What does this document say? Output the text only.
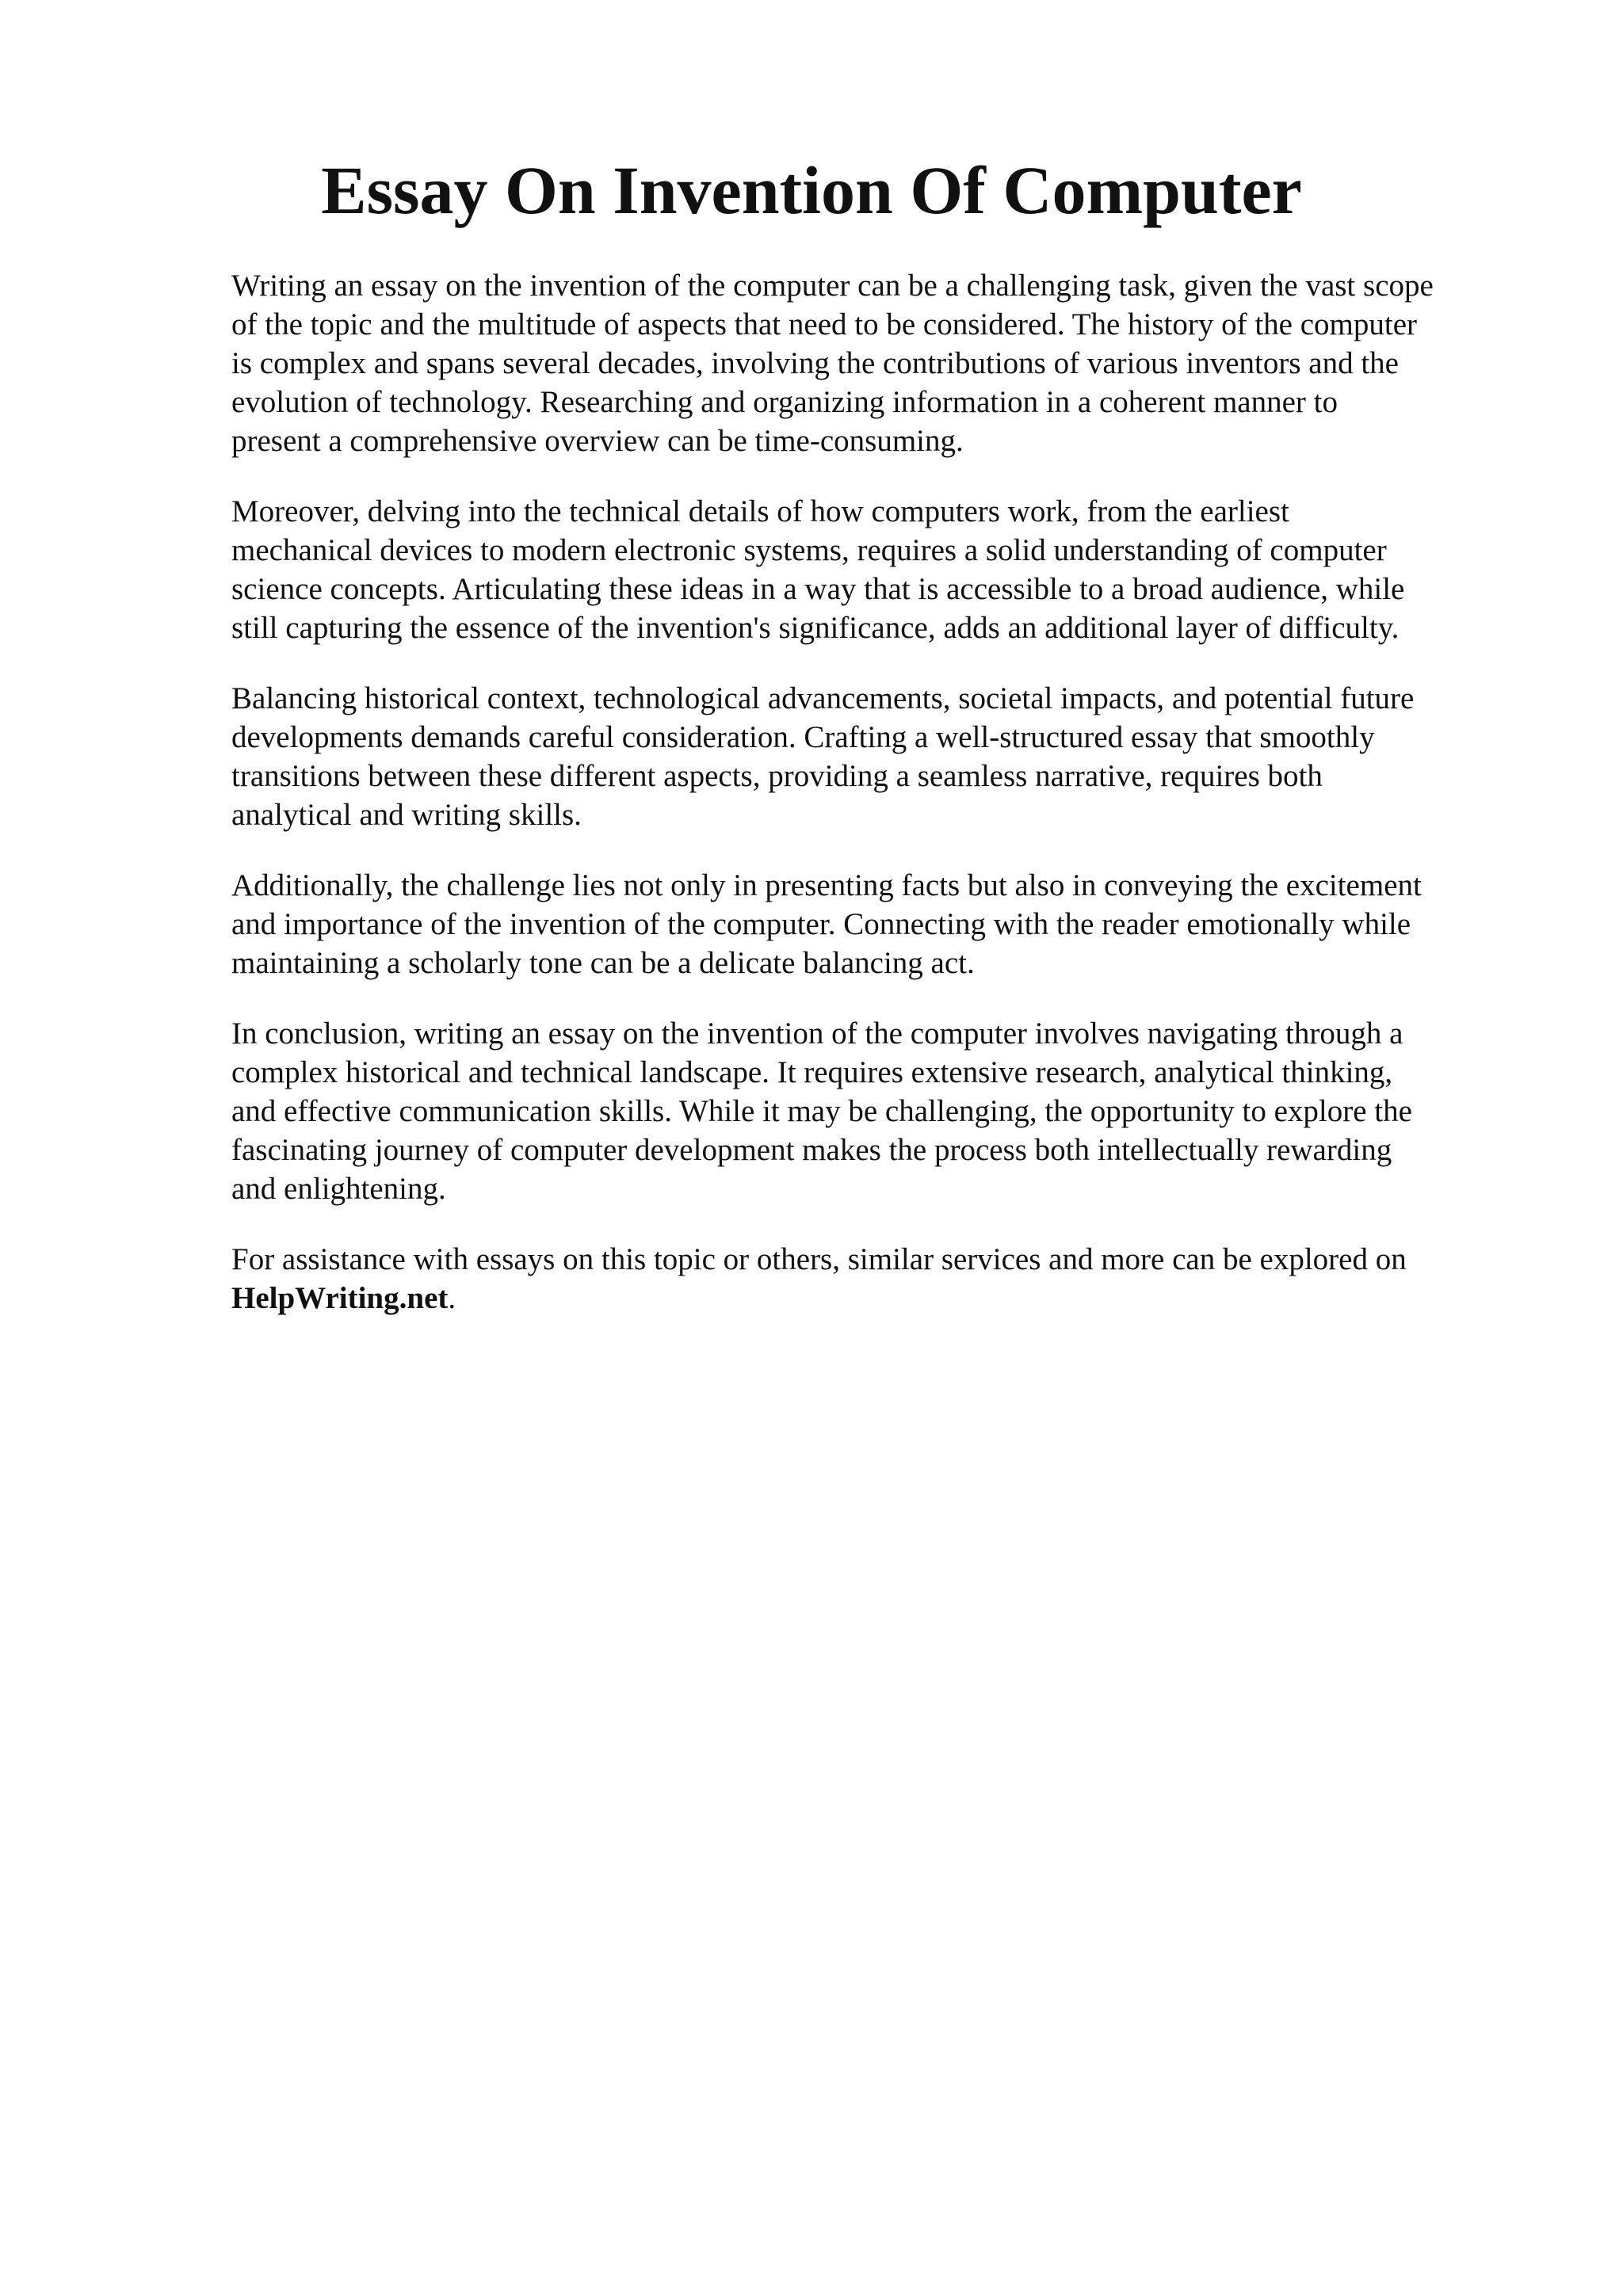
Essay On Invention Of Computer

Writing an essay on the invention of the computer can be a challenging task, given the vast scope
of the topic and the multitude of aspects that need to be considered. The history of the computer
is complex and spans several decades, involving the contributions of various inventors and the
evolution of technology. Researching and organizing information in a coherent manner to
present a comprehensive overview can be time-consuming.

Moreover, delving into the technical details of how computers work, from the earliest
mechanical devices to modern electronic systems, requires a solid understanding of computer
science concepts. Articulating these ideas in a way that is accessible to a broad audience, while
still capturing the essence of the invention's significance, adds an additional layer of difficulty.

Balancing historical context, technological advancements, societal impacts, and potential future
developments demands careful consideration. Crafting a well-structured essay that smoothly
transitions between these different aspects, providing a seamless narrative, requires both
analytical and writing skills.

Additionally, the challenge lies not only in presenting facts but also in conveying the excitement
and importance of the invention of the computer. Connecting with the reader emotionally while
maintaining a scholarly tone can be a delicate balancing act.

In conclusion, writing an essay on the invention of the computer involves navigating through a
complex historical and technical landscape. It requires extensive research, analytical thinking,
and effective communication skills. While it may be challenging, the opportunity to explore the
fascinating journey of computer development makes the process both intellectually rewarding
and enlightening.

For assistance with essays on this topic or others, similar services and more can be explored on
HelpWriting.net.
